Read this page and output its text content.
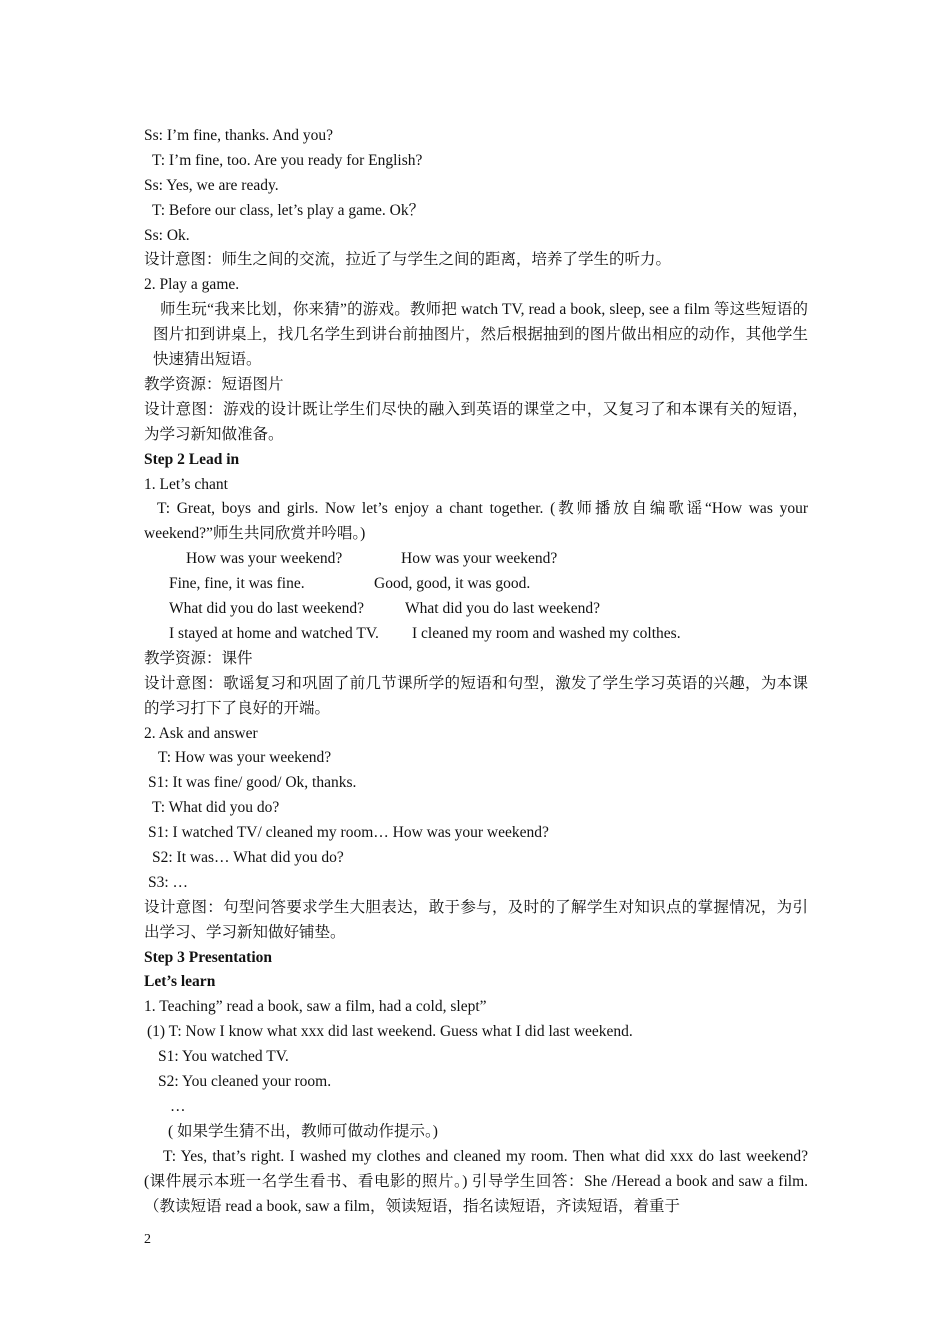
Ss: I’m fine, thanks. And you?
T: I’m fine, too. Are you ready for English?
Ss: Yes, we are ready.
T: Before our class, let’s play a game. Ok？
Ss: Ok.
设计意图：师生之间的交流，拉近了与学生之间的距离，培养了学生的听力。
2. Play a game.
师生玩“我来比划，你来猜”的游戏。教师把 watch TV, read a book, sleep, see a film 等这些短语的图片扣到讲桌上，找几名学生到讲台前抽图片，然后根据抽到的图片做出相应的动作，其他学生快速猜出短语。
教学资源：短语图片
设计意图：游戏的设计既让学生们尽快的融入到英语的课堂之中，又复习了和本课有关的短语，为学习新知做准备。
Step 2 Lead in
1. Let’s chant
T: Great, boys and girls. Now let’s enjoy a chant together. (教师播放自编歌谣“How was your weekend?”师生共同欣赏并吟唱。)
How was your weekend?	How was your weekend?
Fine, fine, it was fine.	Good, good, it was good.
What did you do last weekend?	What did you do last weekend?
I stayed at home and watched TV. I cleaned my room and washed my colthes.
教学资源：课件
设计意图：歌谣复习和巩固了前几节课所学的短语和句型，激发了学生学习英语的兴趣，为本课的学习打下了良好的开端。
2. Ask and answer
T: How was your weekend?
S1: It was fine/ good/ Ok, thanks.
T: What did you do?
S1: I watched TV/ cleaned my room… How was your weekend?
S2: It was… What did you do?
S3: …
设计意图：句型问答要求学生大胆表达，敢于参与，及时的了解学生对知识点的掌握情况，为引出学习、学习新知做好铺垫。
Step 3 Presentation
Let’s learn
1. Teaching” read a book, saw a film, had a cold, slept”
(1) T: Now I know what xxx did last weekend. Guess what I did last weekend.
S1: You watched TV.
S2: You cleaned your room.
…
( 如果学生猜不出，教师可做动作提示。)
T: Yes, that’s right. I washed my clothes and cleaned my room. Then what did xxx do last weekend? (课件展示本班一名学生看书、看电影的照片。) 引导学生回答：She /Heread a book and saw a film.（教读短语 read a book, saw a film，领读短语，指名读短语，齐读短语，着重于
2
